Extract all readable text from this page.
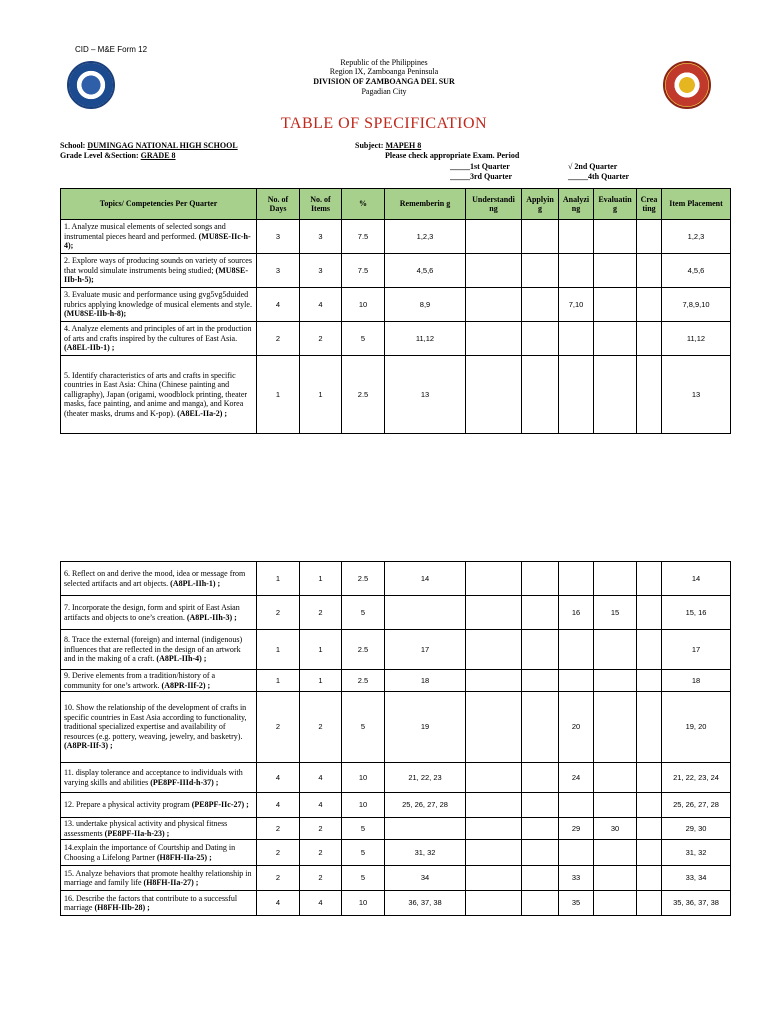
CID – M&E Form 12
Republic of the Philippines
Region IX, Zamboanga Peninsula
DIVISION OF ZAMBOANGA DEL SUR
Pagadian City
TABLE OF SPECIFICATION
School: DUMINGAG NATIONAL HIGH SCHOOL
Grade Level &Section: GRADE 8
Subject: MAPEH 8
Please check appropriate Exam. Period
_____1st Quarter	√ 2nd Quarter
_____3rd Quarter	_____4th Quarter
Topics/ Competencies Per Quarter	No. of Days	No. of Items	%	Rememberin g	Understandi ng	Applyin g	Analyzi ng	Evaluatin g	Crea ting	Item Placement
1. Analyze musical elements of selected songs and instrumental pieces heard and performed. (MU8SE-IIc-h-4);	3	3	7.5	1,2,3						1,2,3
2. Explore ways of producing sounds on variety of sources that would simulate instruments being studied; (MU8SE-IIb-h-5);	3	3	7.5	4,5,6						4,5,6
3. Evaluate music and performance using gvg5vg5duided rubrics applying knowledge of musical elements and style. (MU8SE-IIb-h-8);	4	4	10	8,9			7,10			7,8,9,10
4. Analyze elements and principles of art in the production of arts and crafts inspired by the cultures of East Asia. (A8EL-IIb-1) ;	2	2	5	11,12						11,12
5. Identify characteristics of arts and crafts in specific countries in East Asia: China (Chinese painting and calligraphy), Japan (origami, woodblock printing, theater masks, face painting, and anime and manga), and Korea (theater masks, drums and K-pop). (A8EL-IIa-2) ;	1	1	2.5	13						13
6. Reflect on and derive the mood, idea or message from selected artifacts and art objects. (A8PL-IIh-1) ;	1	1	2.5	14						14
7. Incorporate the design, form and spirit of East Asian artifacts and objects to one’s creation. (A8PL-IIh-3) ;	2	2	5				16	15		15, 16
8. Trace the external (foreign) and internal (indigenous) influences that are reflected in the design of an artwork and in the making of a craft. (A8PL-IIh-4) ;	1	1	2.5	17						17
9. Derive elements from a tradition/history of a community for one’s artwork. (A8PR-IIf-2) ;	1	1	2.5	18						18
10. Show the relationship of the development of crafts in specific countries in East Asia according to functionality, traditional specialized expertise and availability of resources (e.g. pottery, weaving, jewelry, and basketry). (A8PR-IIf-3) ;	2	2	5	19			20			19, 20
11. display tolerance and acceptance to individuals with varying skills and abilities (PE8PF-IIId-h-37) ;	4	4	10	21, 22, 23			24			21, 22, 23, 24
12. Prepare a physical activity program (PE8PF-IIc-27) ;	4	4	10	25, 26, 27, 28						25, 26, 27, 28
13. undertake physical activity and physical fitness assessments (PE8PF-IIa-h-23) ;	2	2	5				29	30		29, 30
14.explain the importance of Courtship and Dating in Choosing a Lifelong Partner (H8FH-IIa-25) ;	2	2	5	31, 32						31, 32
15. Analyze behaviors that promote healthy relationship in marriage and family life (H8FH-IIa-27) ;	2	2	5	34			33			33, 34
16. Describe the factors that contribute to a successful marriage (H8FH-IIb-28) ;	4	4	10	36, 37, 38			35			35, 36, 37, 38
